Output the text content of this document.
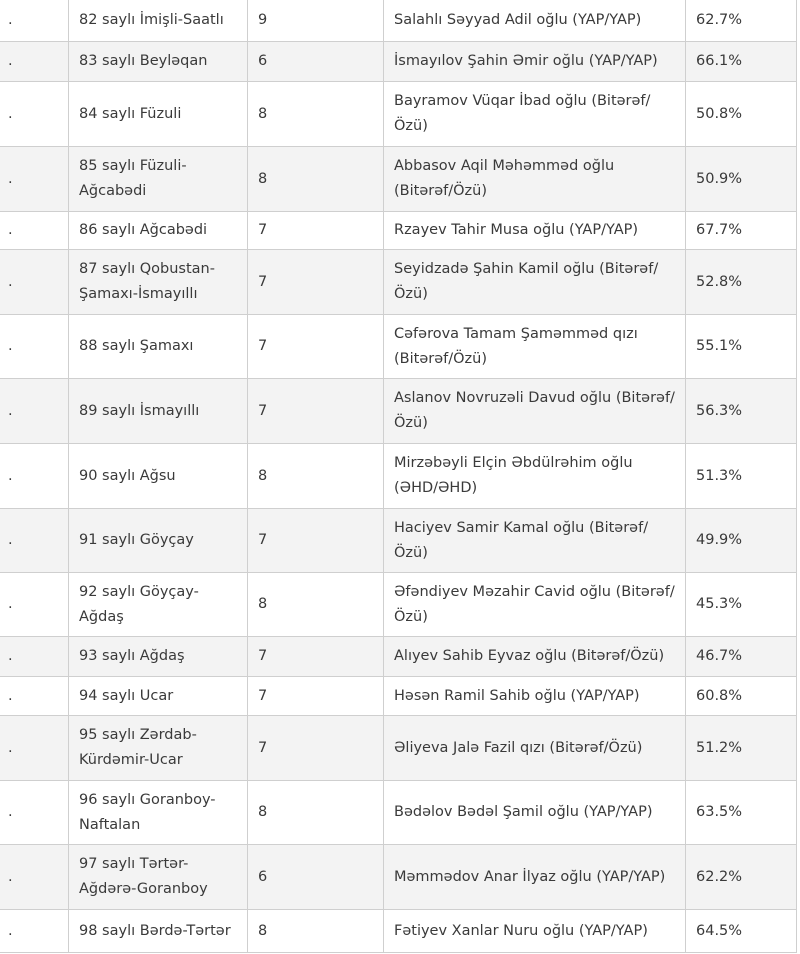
.	82 saylı İmişli-Saatlı	9	Salahlı Səyyad Adil oğlu (YAP/YAP)	62.7%
.	83 saylı Beyləqan	6	İsmayılov Şahin Əmir oğlu (YAP/YAP)	66.1%
.	84 saylı Füzuli	8	Bayramov Vüqar İbad oğlu (Bitərəf/ Özü)	50.8%
.	85 saylı Füzuli- Ağcabədi	8	Abbasov Aqil Məhəmməd oğlu (Bitərəf/Özü)	50.9%
.	86 saylı Ağcabədi	7	Rzayev Tahir Musa oğlu (YAP/YAP)	67.7%
.	87 saylı Qobustan- Şamaxı-İsmayıllı	7	Seyidzadə Şahin Kamil oğlu (Bitərəf/ Özü)	52.8%
.	88 saylı Şamaxı	7	Cəfərova Tamam Şaməmməd qızı (Bitərəf/Özü)	55.1%
.	89 saylı İsmayıllı	7	Aslanov Novruzəli Davud oğlu (Bitərəf/Özü)	56.3%
.	90 saylı Ağsu	8	Mirzəbəyli Elçin Əbdülrəhim oğlu (ƏHD/ƏHD)	51.3%
.	91 saylı Göyçay	7	Haciyev Samir Kamal oğlu (Bitərəf/ Özü)	49.9%
.	92 saylı Göyçay- Ağdaş	8	Əfəndiyev Məzahir Cavid oğlu (Bitərəf/Özü)	45.3%
.	93 saylı Ağdaş	7	Alıyev Sahib Eyvaz oğlu (Bitərəf/Özü)	46.7%
.	94 saylı Ucar	7	Həsən Ramil Sahib oğlu (YAP/YAP)	60.8%
.	95 saylı Zərdab- Kürdəmir-Ucar	7	Əliyeva Jalə Fazil qızı (Bitərəf/Özü)	51.2%
.	96 saylı Goranboy- Naftalan	8	Bədəlov Bədəl Şamil oğlu (YAP/YAP)	63.5%
.	97 saylı Tərtər- Ağdərə-Goranboy	6	Məmmədov Anar İlyaz oğlu (YAP/YAP)	62.2%
.	98 saylı Bərdə-Tərtər	8	Fətiyev Xanlar Nuru oğlu (YAP/YAP)	64.5%
